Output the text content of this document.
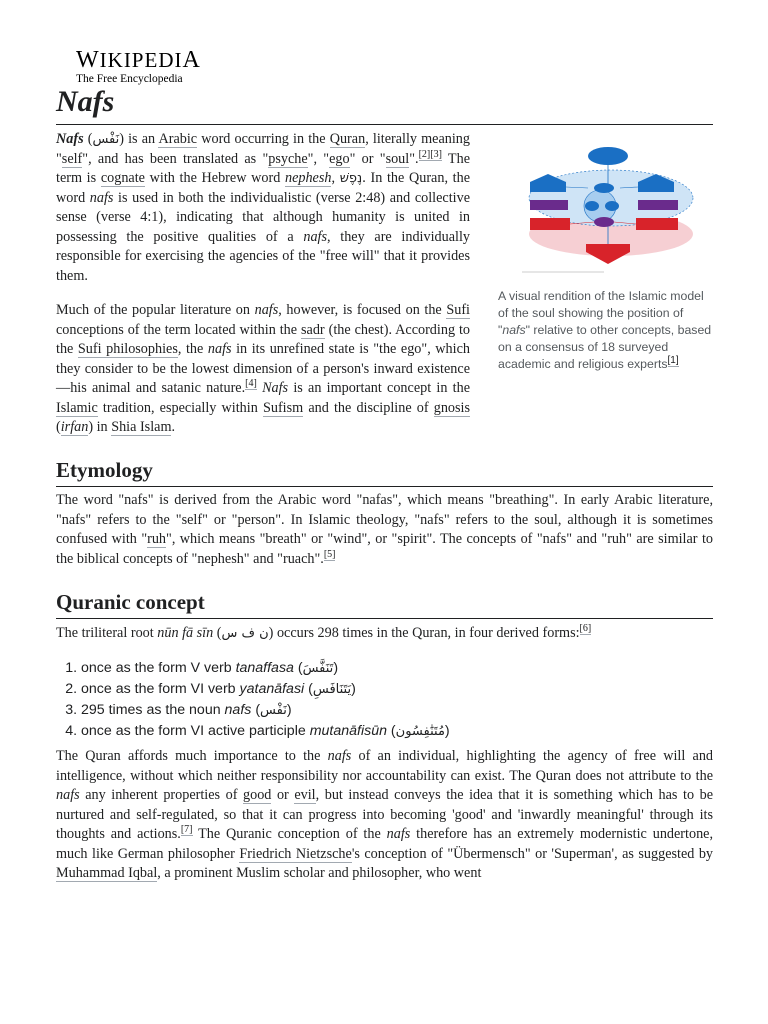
WIKIPEDIA
The Free Encyclopedia
Nafs

Nafs (نَفْس) is an Arabic word occurring in the Quran, literally meaning "self", and has been translated as "psyche", "ego" or "soul".[2][3] The term is cognate with the Hebrew word nephesh, נֶפֶשׁ. In the Quran, the word nafs is used in both the individualistic (verse 2:48) and collective sense (verse 4:1), indicating that although humanity is united in possessing the positive qualities of a nafs, they are individually responsible for exercising the agencies of the "free will" that it provides them.

Much of the popular literature on nafs, however, is focused on the Sufi conceptions of the term located within the sadr (the chest). According to the Sufi philosophies, the nafs in its unrefined state is "the ego", which they consider to be the lowest dimension of a person's inward existence—his animal and satanic nature.[4] Nafs is an important concept in the Islamic tradition, especially within Sufism and the discipline of gnosis (irfan) in Shia Islam.

A visual rendition of the Islamic model of the soul showing the position of "nafs" relative to other concepts, based on a consensus of 18 surveyed academic and religious experts[1]
Etymology

The word "nafs" is derived from the Arabic word "nafas", which means "breathing". In early Arabic literature, "nafs" refers to the "self" or "person". In Islamic theology, "nafs" refers to the soul, although it is sometimes confused with "ruh", which means "breath" or "wind", or "spirit". The concepts of "nafs" and "ruh" are similar to the biblical concepts of "nephesh" and "ruach".[5]

Quranic concept

The triliteral root nūn fā sīn (ن ف س) occurs 298 times in the Quran, in four derived forms:[6]

1. once as the form V verb tanaffasa (تَنَفَّسَ)
2. once as the form VI verb yatanāfasi (يَتَنَافَسِ)
3. 295 times as the noun nafs (نَفْس)
4. once as the form VI active participle mutanāfisūn (مُتَنَٰفِسُون)

The Quran affords much importance to the nafs of an individual, highlighting the agency of free will and intelligence, without which neither responsibility nor accountability can exist. The Quran does not attribute to the nafs any inherent properties of good or evil, but instead conveys the idea that it is something which has to be nurtured and self-regulated, so that it can progress into becoming 'good' and 'inwardly meaningful' through its thoughts and actions.[7] The Quranic conception of the nafs therefore has an extremely modernistic undertone, much like German philosopher Friedrich Nietzsche's conception of "Übermensch" or 'Superman', as suggested by Muhammad Iqbal, a prominent Muslim scholar and philosopher, who went
